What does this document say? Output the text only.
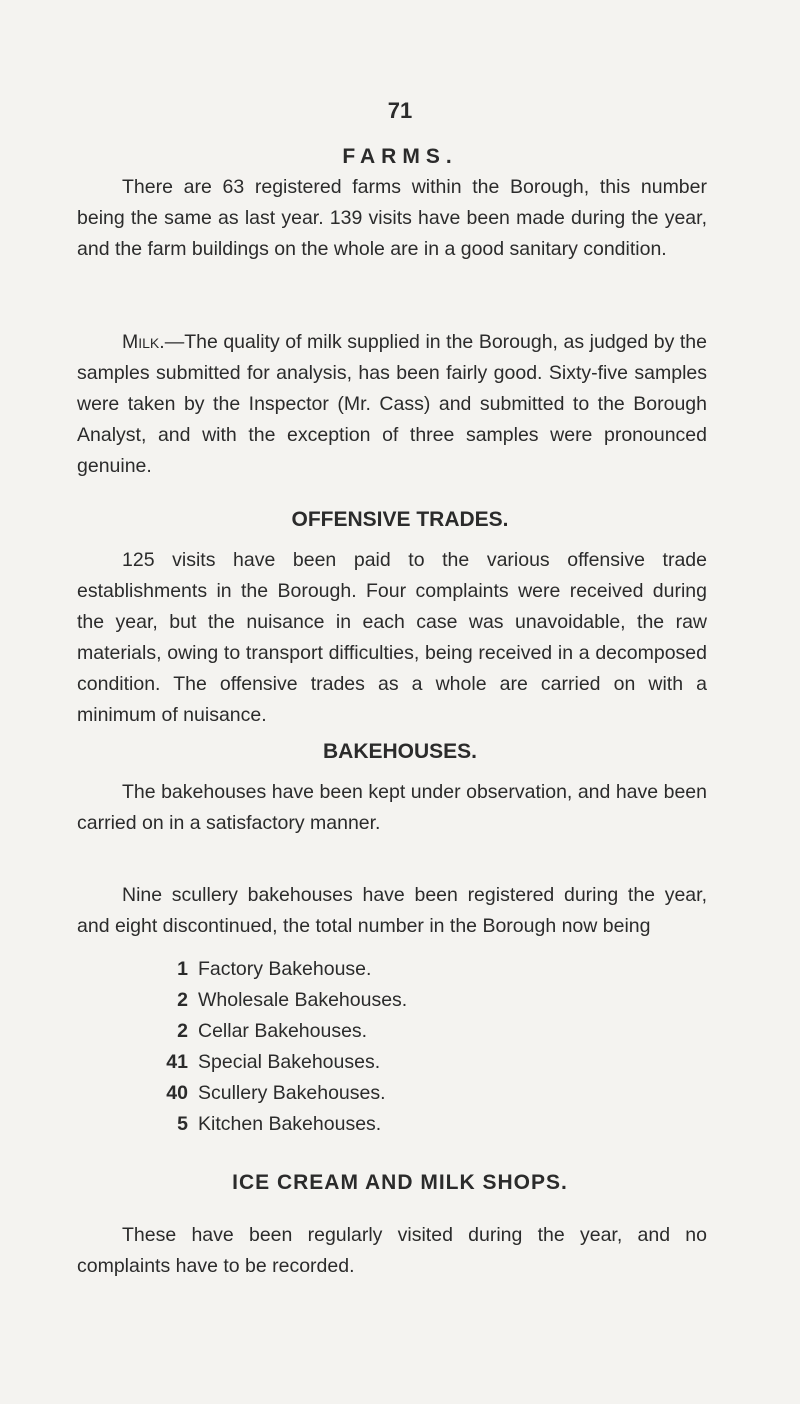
71
FARMS.

There are 63 registered farms within the Borough, this number being the same as last year. 139 visits have been made during the year, and the farm buildings on the whole are in a good sanitary condition.

Milk.—The quality of milk supplied in the Borough, as judged by the samples submitted for analysis, has been fairly good. Sixty-five samples were taken by the Inspector (Mr. Cass) and submitted to the Borough Analyst, and with the exception of three samples were pronounced genuine.

OFFENSIVE TRADES.

125 visits have been paid to the various offensive trade establishments in the Borough. Four complaints were received during the year, but the nuisance in each case was unavoidable, the raw materials, owing to transport difficulties, being received in a decomposed condition. The offensive trades as a whole are carried on with a minimum of nuisance.

BAKEHOUSES.

The bakehouses have been kept under observation, and have been carried on in a satisfactory manner.

Nine scullery bakehouses have been registered during the year, and eight discontinued, the total number in the Borough now being

1 Factory Bakehouse.
2 Wholesale Bakehouses.
2 Cellar Bakehouses.
41 Special Bakehouses.
40 Scullery Bakehouses.
5 Kitchen Bakehouses.
ICE CREAM AND MILK SHOPS.

These have been regularly visited during the year, and no complaints have to be recorded.
